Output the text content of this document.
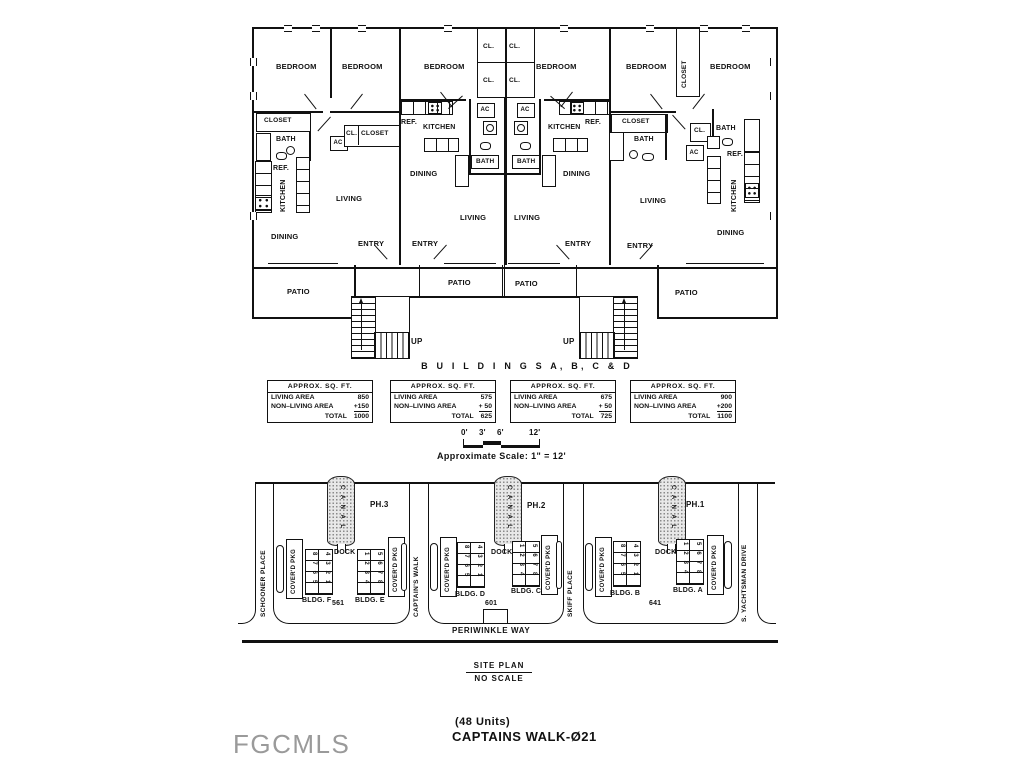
AC
AC
BATH
AC
BATH
AC
BEDROOM	BEDROOM
CLOSET
BATH
CL. CLOSET
REF.
KITCHEN
DINING
LIVING
ENTRY
BEDROOM
CL.
CL.
REF.
KITCHEN
DINING
LIVING
ENTRY
CL.
CL.
BEDROOM
KITCHEN
REF.
DINING
LIVING
ENTRY
BEDROOM CLOSET	BEDROOM
CLOSET
BATH
CL. BATH
REF.
KITCHEN
LIVING
DINING
ENTRY
UP	UP
PATIO
PATIO	PATIO
PATIO
B U I L D I N G S A, B, C & D
APPROX. SQ. FT.
LIVING AREA	850
NON–LIVING AREA	+150
TOTAL 1000
APPROX. SQ. FT.
LIVING AREA	575
NON–LIVING AREA	+ 50
TOTAL 625
APPROX. SQ. FT.
LIVING AREA	675
NON–LIVING AREA	+ 50
TOTAL 725
APPROX. SQ. FT.
LIVING AREA	900
NON–LIVING AREA	+200
TOTAL 1100
0' 3' 6'	12'
Approximate Scale: 1" = 12'
CANAL	CANAL	CANAL
DOCK	DOCK	DOCK
PH.3	PH.2	PH.1
COVER'D PKG	COVER'D PKG	COVER'D PKG	COVER'D PKG	COVER'D PKG	COVER'D PKG
8765 4321	1234 5678	8765 4321	1234 5678	8765 4321	1234 5678
BLDG. F 561 BLDG. E
BLDG. D	BLDG. C
601
BLDG. B	BLDG. A
641
SCHOONER PLACE	CAPTAIN'S WALK	SKIFF PLACE	S. YACHTSMAN DRIVE
PERIWINKLE WAY
SITE PLAN
NO SCALE
(48 Units)
CAPTAINS WALK-Ø21
FGCMLS
